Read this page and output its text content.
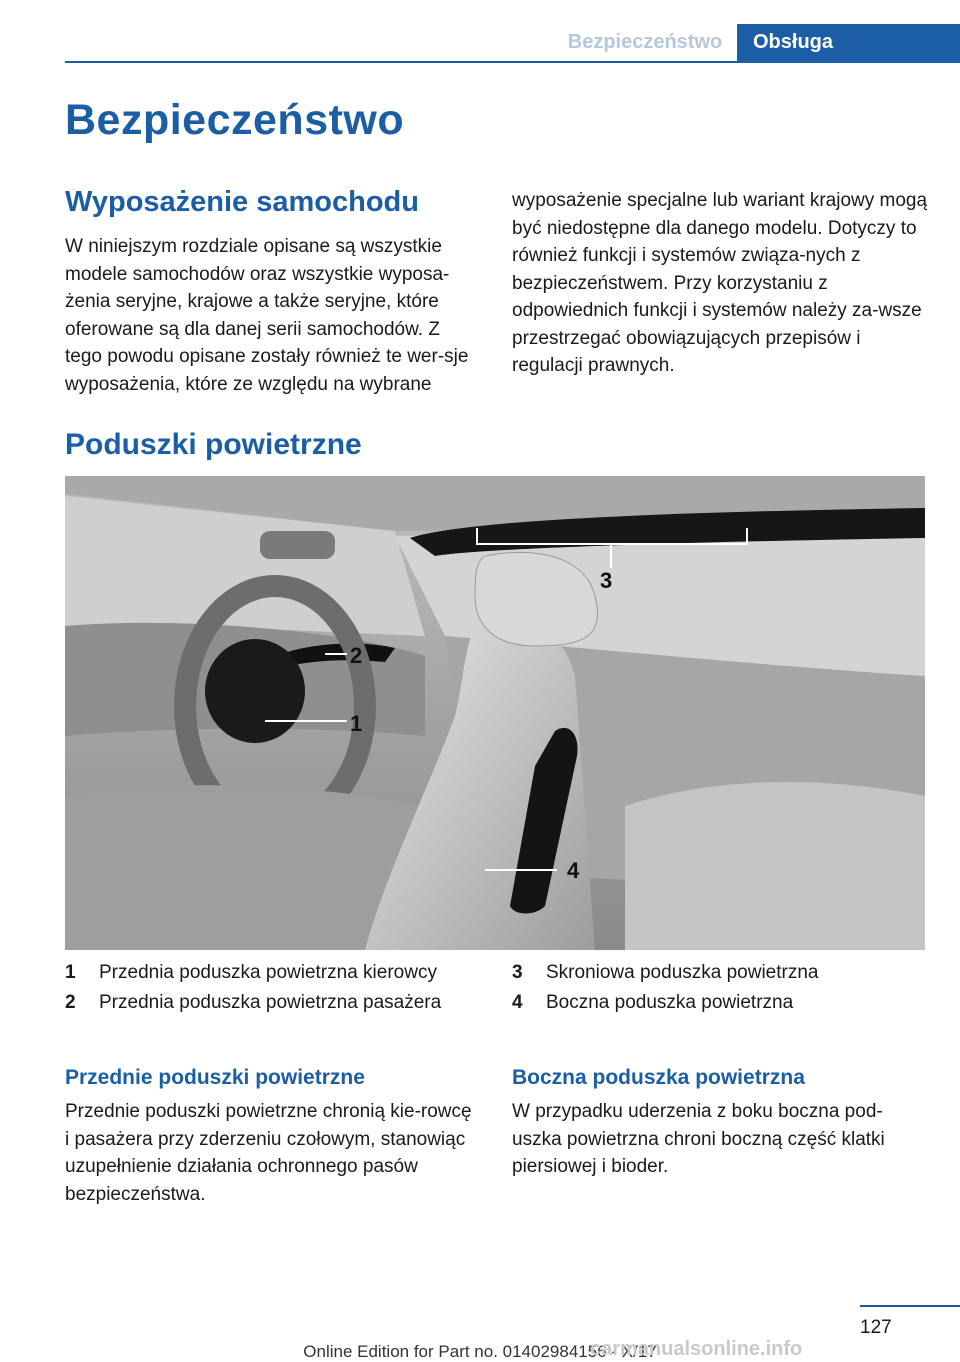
Bezpieczeństwo	Obsługa
Bezpieczeństwo
Wyposażenie samochodu

W niniejszym rozdziale opisane są wszystkie modele samochodów oraz wszystkie wyposa-żenia seryjne, krajowe a także seryjne, które oferowane są dla danej serii samochodów. Z tego powodu opisane zostały również te wer-sje wyposażenia, które ze względu na wybrane

wyposażenie specjalne lub wariant krajowy mogą być niedostępne dla danego modelu. Dotyczy to również funkcji i systemów związa-nych z bezpieczeństwem. Przy korzystaniu z odpowiednich funkcji i systemów należy za-wsze przestrzegać obowiązujących przepisów i regulacji prawnych.

Poduszki powietrzne
3
2
1
4
1	Przednia poduszka powietrzna kierowcy
2	Przednia poduszka powietrzna pasażera
3	Skroniowa poduszka powietrzna
4	Boczna poduszka powietrzna
Przednie poduszki powietrzne

Przednie poduszki powietrzne chronią kie-rowcę i pasażera przy zderzeniu czołowym, stanowiąc uzupełnienie działania ochronnego pasów bezpieczeństwa.

Boczna poduszka powietrzna

W przypadku uderzenia z boku boczna pod-uszka powietrzna chroni boczną część klatki piersiowej i bioder.

127
Online Edition for Part no. 01402984156 - X/17
carmanualsonline.info
